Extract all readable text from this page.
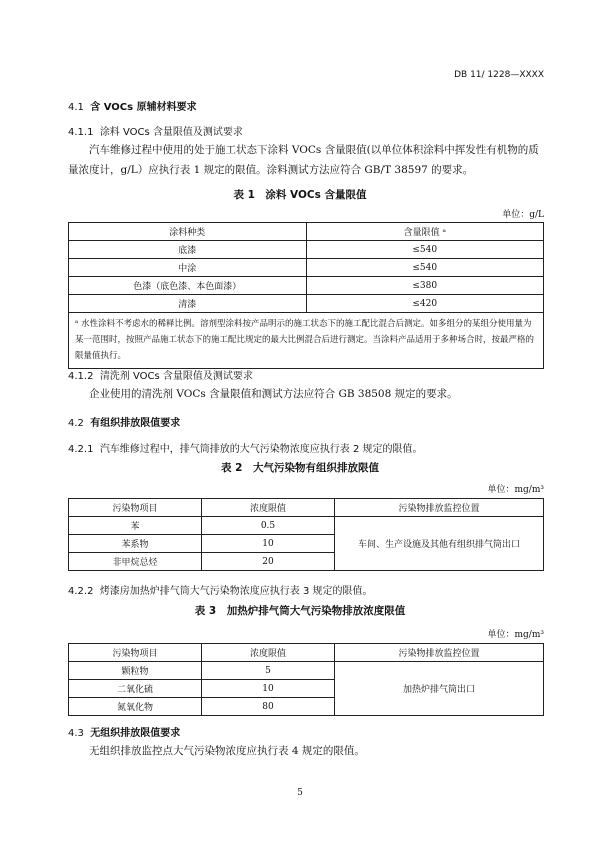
DB 11/ 1228—XXXX
4.1 含 VOCs 原辅材料要求
4.1.1 涂料 VOCs 含量限值及测试要求
汽车维修过程中使用的处于施工状态下涂料 VOCs 含量限值(以单位体积涂料中挥发性有机物的质量浓度计，g/L）应执行表 1 规定的限值。涂料测试方法应符合 GB/T 38597 的要求。
表 1　涂料 VOCs 含量限值
单位：g/L
涂料种类	含量限值 ᵃ
底漆	≤540
中涂	≤540
色漆（底色漆、本色面漆）	≤380
清漆	≤420
ᵃ 水性涂料不考虑水的稀释比例。溶剂型涂料按产品明示的施工状态下的施工配比混合后测定。如多组分的某组分使用量为某一范围时，按照产品施工状态下的施工配比规定的最大比例混合后进行测定。当涂料产品适用于多种场合时，按最严格的限量值执行。	
4.1.2 清洗剂 VOCs 含量限值及测试要求
企业使用的清洗剂 VOCs 含量限值和测试方法应符合 GB 38508 规定的要求。
4.2 有组织排放限值要求
4.2.1 汽车维修过程中，排气筒排放的大气污染物浓度应执行表 2 规定的限值。
表 2　大气污染物有组织排放限值
单位：mg/m³
污染物项目	浓度限值	污染物排放监控位置
苯	0.5	车间、生产设施及其他有组织排气筒出口
苯系物	10	
非甲烷总烃	20	
4.2.2 烤漆房加热炉排气筒大气污染物浓度应执行表 3 规定的限值。
表 3　加热炉排气筒大气污染物排放浓度限值
单位：mg/m³
污染物项目	浓度限值	污染物排放监控位置
颗粒物	5	加热炉排气筒出口
二氧化硫	10	
氮氧化物	80	
4.3 无组织排放限值要求
无组织排放监控点大气污染物浓度应执行表 4 规定的限值。
5
